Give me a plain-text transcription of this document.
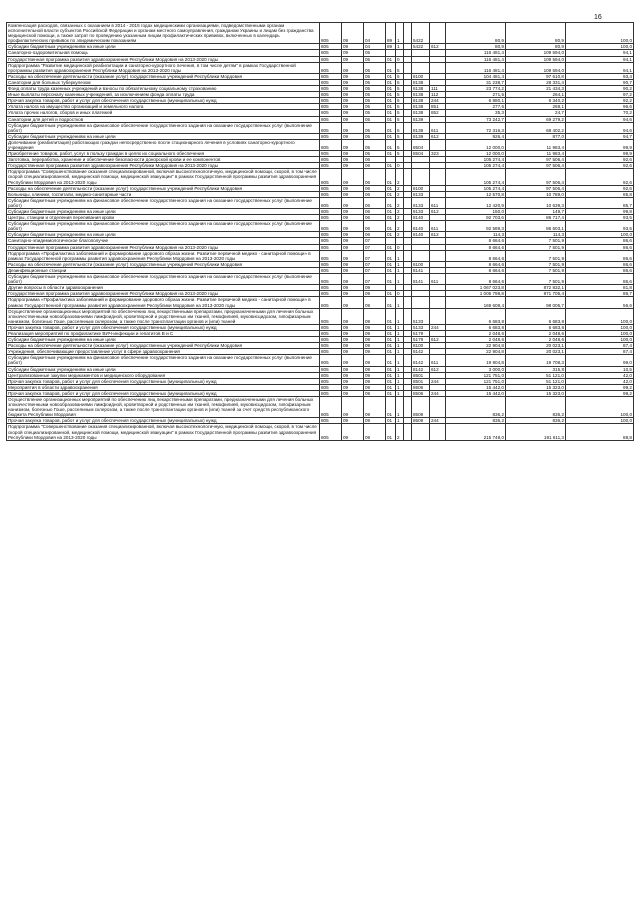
16
Компенсация расходов, связанных с оказанием в 2014 - 2015 годах медицинскими организациями, подведомственными органам исполнительной власти субъектов Российской Федерации и органам местного самоуправления, гражданам Украины и лицам без гражданства медицинской помощи, а также затрат по проведению указанным лицам профилактических прививок, включенных в календарь профилактических прививок по эпидемическим показаниям	805	09	04	89	1		5422		80,9	80,9	100,0
Субсидии бюджетным учреждениям на иные цели	805	09	04	89	1		5422	612	80,9	80,9	100,0
Санаторно-оздоровительная помощь	805	09	05						116 481,4	109 594,0	94,1
Государственная программа развития здравоохранения Республики Мордовия на 2013-2020 годы	805	09	05	01	0				116 481,4	109 594,0	94,1
Подпрограмма "Развитие медицинской реабилитации и санаторно-курортного лечения, в том числе детям" в рамках Государственной программы развития здравоохранения Республики Мордовия на 2013-2020 годы	805	09	05	01	5				116 481,4	109 594,0	94,1
Расходы на обеспечение деятельности (оказание услуг) государственных учреждений Республики Мордовия	805	09	05	01	5		8100		104 481,4	97 610,8	93,4
Санатории для больных туберкулезом	805	09	05	01	5		8138		31 238,7	28 331,4	90,7
Фонд оплаты труда казенных учреждений и взносы по обязательному социальному страхованию	805	09	05	01	5		8138	111	23 774,2	21 434,3	90,2
Иные выплаты персоналу казенных учреждений, за исключением фонда оплаты труда	805	09	05	01	5		8138	112	271,5	264,1	97,2
Прочая закупка товаров, работ и услуг для обеспечения государственных (муниципальных) нужд	805	09	05	01	5		8138	244	6 880,1	6 340,2	92,2
Уплата налога на имущество организаций и земельного налога	805	09	05	01	5		8138	851	277,6	268,1	96,6
Уплата прочих налогов, сборов и иных платежей	805	09	05	01	5		8138	852	35,3	24,7	70,2
Санатории для детей и подростков	805	09	05	01	5		8139		73 242,7	69 279,2	94,6
Субсидии бюджетным учреждениям на финансовое обеспечение государственного задания на оказание государственных услуг (выполнение работ)	805	09	05	01	5		8139	611	72 316,3	68 402,2	94,6
Субсидии бюджетным учреждениям на иные цели	805	09	05	01	5		8139	612	926,4	877,0	94,7
Долечивание (реабилитация) работающих граждан непосредственно после стационарного лечения в условиях санаторно-курортного учреждения	805	09	05	01	5		8504		12 000,0	11 983,4	99,9
Приобретение товаров, работ, услуг в пользу граждан в целях их социального обеспечения	805	09	05	01	5		8504	323	12 000,0	11 983,4	99,9
Заготовка, переработка, хранение и обеспечение безопасности донорской крови и ее компонентов	805	09	06						105 274,4	97 506,4	92,6
Государственная программа развития здравоохранения Республики Мордовия на 2013-2020 годы	805	09	06	01	0				105 274,4	97 506,4	92,6
Подпрограмма "Совершенствование оказания специализированной, включая высокотехнологичную, медицинской помощи, скорой, в том числе скорой специализированной, медицинской помощи, медицинской эвакуации" в рамках Государственной программы развития здравоохранения Республики Мордовия на 2013-2020 годы	805	09	06	01	2				105 274,4	97 506,4	92,6
Расходы на обеспечение деятельности (оказание услуг) государственных учреждений Республики Мордовия	805	09	06	01	2		8100		105 274,4	97 506,4	92,6
Больницы, клиники, госпитали, медико-санитарные части	805	09	06	01	2		8133		12 570,8	10 789,0	85,8
Субсидии бюджетным учреждениям на финансовое обеспечение государственного задания на оказание государственных услуг (выполнение работ)	805	09	06	01	2		8133	611	12 420,9	10 639,3	85,7
Субсидии бюджетным учреждениям на иные цели	805	09	06	01	2		8133	612	150,0	149,7	99,8
Центры, станции и отделения переливания крови	805	09	06	01	2		8140		92 703,6	86 717,4	93,5
Субсидии бюджетным учреждениям на финансовое обеспечение государственного задания на оказание государственных услуг (выполнение работ)	805	09	06	01	2		8140	611	92 589,3	86 603,1	93,5
Субсидии бюджетным учреждениям на иные цели	805	09	06	01	2		8140	612	114,3	114,3	100,0
Санитарно-эпидемиологическое благополучие	805	09	07						8 664,6	7 501,9	86,6
Государственная программа развития здравоохранения Республики Мордовия на 2013-2020 годы	805	09	07	01	0				8 664,6	7 501,9	86,6
Подпрограмма «Профилактика заболеваний и формирование здорового образа жизни. Развитие первичной медико - санитарной помощи» в рамках Государственной программы развития здравоохранения Республики Мордовия на 2013-2020 годы	805	09	07	01	1				8 664,6	7 501,9	86,6
Расходы на обеспечение деятельности (оказание услуг) государственных учреждений Республики Мордовия	805	09	07	01	1		8100		8 664,6	7 501,9	86,6
Дезинфекционные станции	805	09	07	01	1		8141		8 664,6	7 501,9	86,6
Субсидии бюджетным учреждениям на финансовое обеспечение государственного задания на оказание государственных услуг (выполнение работ)	805	09	07	01	1		8141	611	8 664,6	7 501,9	86,6
Другие вопросы в области здравоохранения	805	09	09						1 067 023,8	872 832,1	81,8
Государственная программа развития здравоохранения Республики Мордовия на 2013-2020 годы	805	09	09	01	0				1 005 798,8	871 705,4	86,7
Подпрограмма «Профилактика заболеваний и формирование здорового образа жизни. Развитие первичной медико - санитарной помощи» в рамках Государственной программы развития здравоохранения Республики Мордовия на 2013-2020 годы	805	09	09	01	1				169 608,4	98 005,7	56,6
Осуществление организационных мероприятий по обеспечению лиц лекарственными препаратами, предназначенными для лечения больных злокачественными новообразованиями лимфоидной, кроветворной и родственных им тканей, гемофилией, муковисцидозом, гипофизарным нанизмом, болезнью Гоше, рассеянным склерозом, а также после трансплантации органов и (или) тканей	805	09	09	01	1		5133		6 683,8	6 683,8	100,0
Прочая закупка товаров, работ и услуг для обеспечения государственных (муниципальных) нужд	805	09	09	01	1		5133	244	6 683,8	6 683,8	100,0
Реализация мероприятий по профилактике ВИЧ-инфекции и гепатитов В и С	805	09	09	01	1		5179		2 048,6	2 048,6	100,0
Субсидии бюджетным учреждениям на иные цели	805	09	09	01	1		5179	612	2 048,6	2 048,6	100,0
Расходы на обеспечение деятельности (оказание услуг) государственных учреждений Республики Мордовия	805	09	09	01	1		8100		22 904,8	20 023,1	87,4
Учреждения, обеспечивающие предоставление услуг в сфере здравоохранения	805	09	09	01	1		8142		22 904,8	20 023,1	87,4
Субсидии бюджетным учреждениям на финансовое обеспечение государственного задания на оказание государственных услуг (выполнение работ)	805	09	09	01	1		8142	611	19 904,8	19 708,3	99,0
Субсидии бюджетным учреждениям на иные цели	805	09	09	01	1		8142	612	3 000,0	315,8	10,5
Централизованные закупки медикаментов и медицинского оборудования	805	09	09	01	1		8501		121 751,0	51 121,0	42,0
Прочая закупка товаров, работ и услуг для обеспечения государственных (муниципальных) нужд	805	09	09	01	1		8501	244	121 751,0	51 121,0	42,0
Мероприятия в области здравоохранения	805	09	09	01	1		8506		15 442,0	15 323,0	99,2
Прочая закупка товаров, работ и услуг для обеспечения государственных (муниципальных) нужд	805	09	09	01	1		8506	244	15 442,0	15 323,0	99,2
Осуществление организационных мероприятий по обеспечению лиц лекарственными препаратами, предназначенными для лечения больных злокачественными новообразованиями лимфоидной, кроветворной и родственных им тканей, гемофилией, муковисцидозом, гипофизарным нанизмом, болезнью Гоше, рассеянным склерозом, а также после трансплантации органов и (или) тканей за счет средств республиканского бюджета Республики Мордовия	805	09	09	01	1		8509		836,2	836,2	100,0
Прочая закупка товаров, работ и услуг для обеспечения государственных (муниципальных) нужд	805	09	09	01	1		8509	244	836,2	836,2	100,0
Подпрограмма "Совершенствование оказания специализированной, включая высокотехнологичную, медицинской помощи, скорой, в том числе скорой специализированной, медицинской помощи, медицинской эвакуации" в рамках Государственной программы развития здравоохранения Республики Мордовия на 2013-2020 годы	805	09	09	01	2				215 748,0	191 611,3	88,8
